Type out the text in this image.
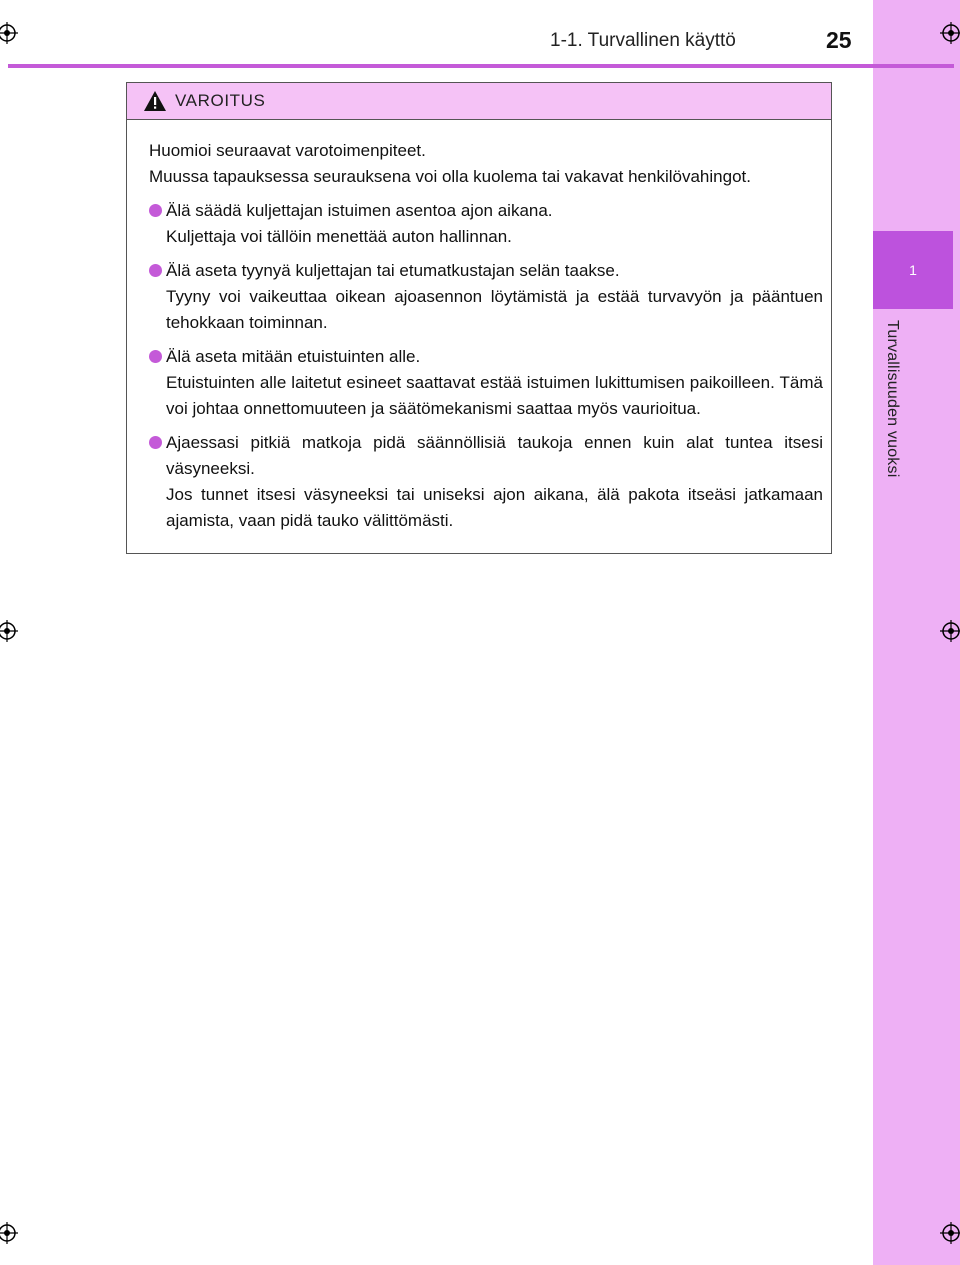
1
Turvallisuuden vuoksi
1-1. Turvallinen käyttö	25
VAROITUS

Huomioi seuraavat varotoimenpiteet.

Muussa tapauksessa seurauksena voi olla kuolema tai vakavat henkilövahingot.

Älä säädä kuljettajan istuimen asentoa ajon aikana.

Kuljettaja voi tällöin menettää auton hallinnan.

Älä aseta tyynyä kuljettajan tai etumatkustajan selän taakse.

Tyyny voi vaikeuttaa oikean ajoasennon löytämistä ja estää turvavyön ja pääntuen tehokkaan toiminnan.

Älä aseta mitään etuistuinten alle.

Etuistuinten alle laitetut esineet saattavat estää istuimen lukittumisen paikoilleen. Tämä voi johtaa onnettomuuteen ja säätömekanismi saattaa myös vaurioitua.

Ajaessasi pitkiä matkoja pidä säännöllisiä taukoja ennen kuin alat tuntea itsesi väsyneeksi.

Jos tunnet itsesi väsyneeksi tai uniseksi ajon aikana, älä pakota itseäsi jatkamaan ajamista, vaan pidä tauko välittömästi.
